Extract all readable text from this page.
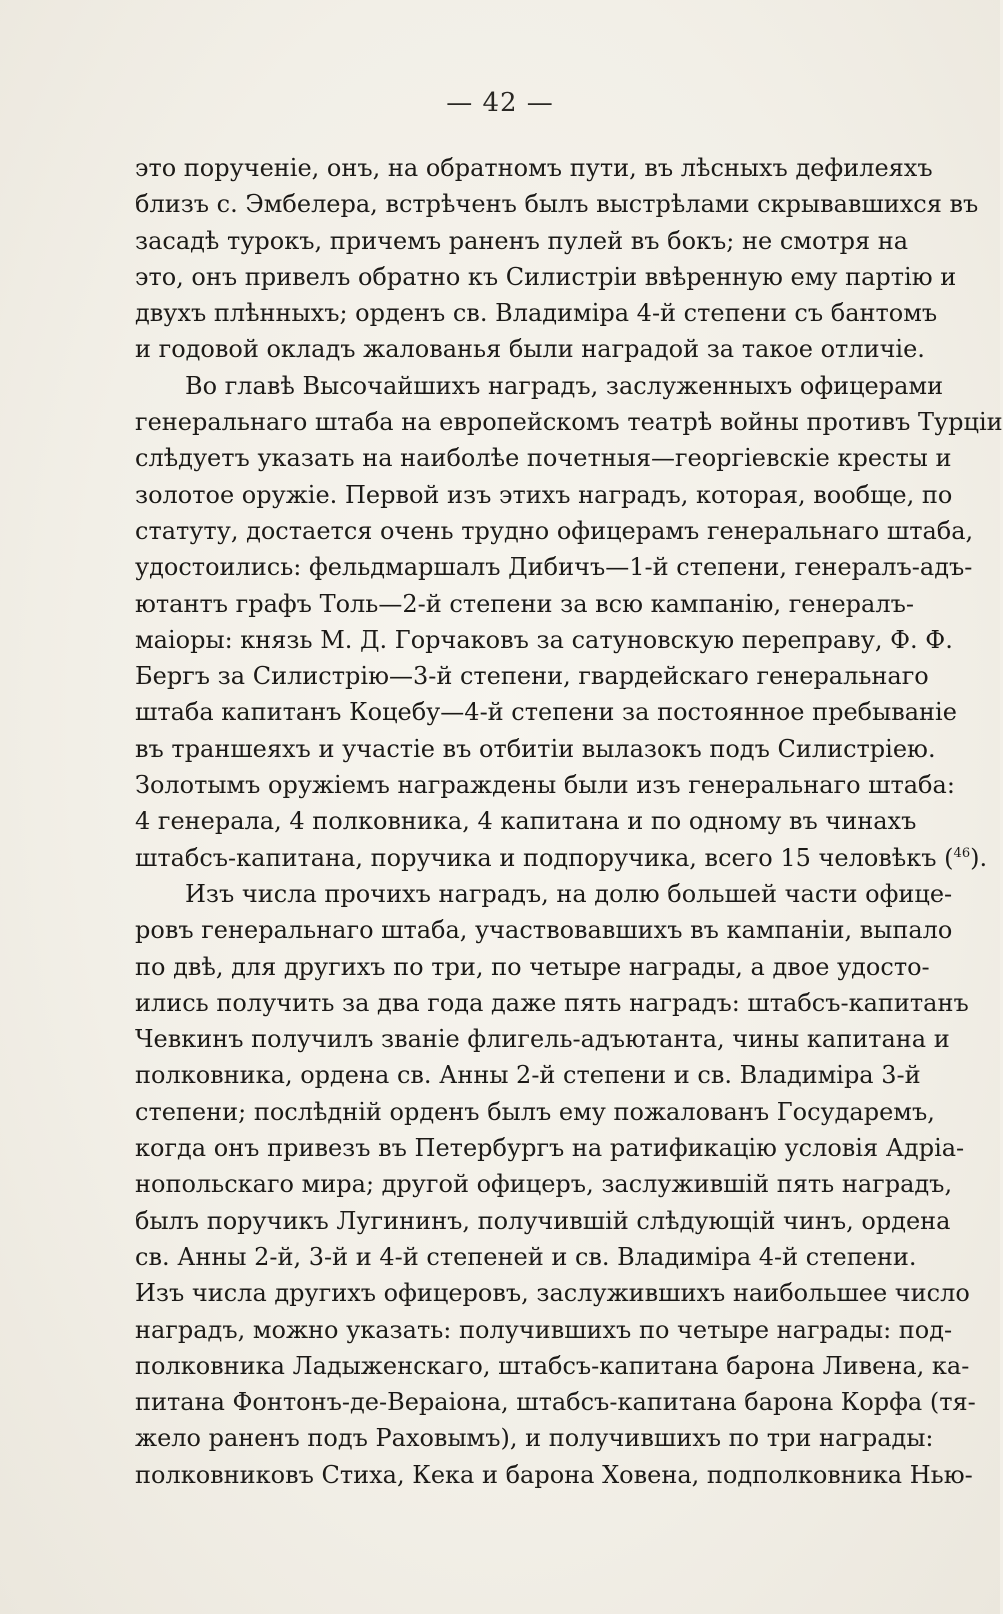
— 42 —
это порученіе, онъ, на обратномъ пути, въ лѣсныхъ дефилеяхъ
близъ с. Эмбелера, встрѣченъ былъ выстрѣлами скрывавшихся въ
засадѣ турокъ, причемъ раненъ пулей въ бокъ; не смотря на
это, онъ привелъ обратно къ Силистріи ввѣренную ему партію и
двухъ плѣнныхъ; орденъ св. Владиміра 4-й степени съ бантомъ
и годовой окладъ жалованья были наградой за такое отличіе.
Во главѣ Высочайшихъ наградъ, заслуженныхъ офицерами
генеральнаго штаба на европейскомъ театрѣ войны противъ Турціи
слѣдуетъ указать на наиболѣе почетныя—георгіевскіе кресты и
золотое оружіе. Первой изъ этихъ наградъ, которая, вообще, по
статуту, достается очень трудно офицерамъ генеральнаго штаба,
удостоились: фельдмаршалъ Дибичъ—1-й степени, генералъ-адъ-
ютантъ графъ Толь—2-й степени за всю кампанію, генералъ-
маіоры: князь М. Д. Горчаковъ за сатуновскую переправу, Ф. Ф.
Бергъ за Силистрію—3-й степени, гвардейскаго генеральнаго
штаба капитанъ Коцебу—4-й степени за постоянное пребываніе
въ траншеяхъ и участіе въ отбитіи вылазокъ подъ Силистріею.
Золотымъ оружіемъ награждены были изъ генеральнаго штаба:
4 генерала, 4 полковника, 4 капитана и по одному въ чинахъ
штабсъ-капитана, поручика и подпоручика, всего 15 человѣкъ ($^{46}$).
Изъ числа прочихъ наградъ, на долю большей части офице-
ровъ генеральнаго штаба, участвовавшихъ въ кампаніи, выпало
по двѣ, для другихъ по три, по четыре награды, а двое удосто-
ились получить за два года даже пять наградъ: штабсъ-капитанъ
Чевкинъ получилъ званіе флигель-адъютанта, чины капитана и
полковника, ордена св. Анны 2-й степени и св. Владиміра 3-й
степени; послѣдній орденъ былъ ему пожалованъ Государемъ,
когда онъ привезъ въ Петербургъ на ратификацію условія Адріа-
нопольскаго мира; другой офицеръ, заслужившій пять наградъ,
былъ поручикъ Лугининъ, получившій слѣдующій чинъ, ордена
св. Анны 2-й, 3-й и 4-й степеней и св. Владиміра 4-й степени.
Изъ числа другихъ офицеровъ, заслужившихъ наибольшее число
наградъ, можно указать: получившихъ по четыре награды: под-
полковника Ладыженскаго, штабсъ-капитана барона Ливена, ка-
питана Фонтонъ-де-Вераіона, штабсъ-капитана барона Корфа (тя-
жело раненъ подъ Раховымъ), и получившихъ по три награды:
полковниковъ Стиха, Кека и барона Ховена, подполковника Нью-
